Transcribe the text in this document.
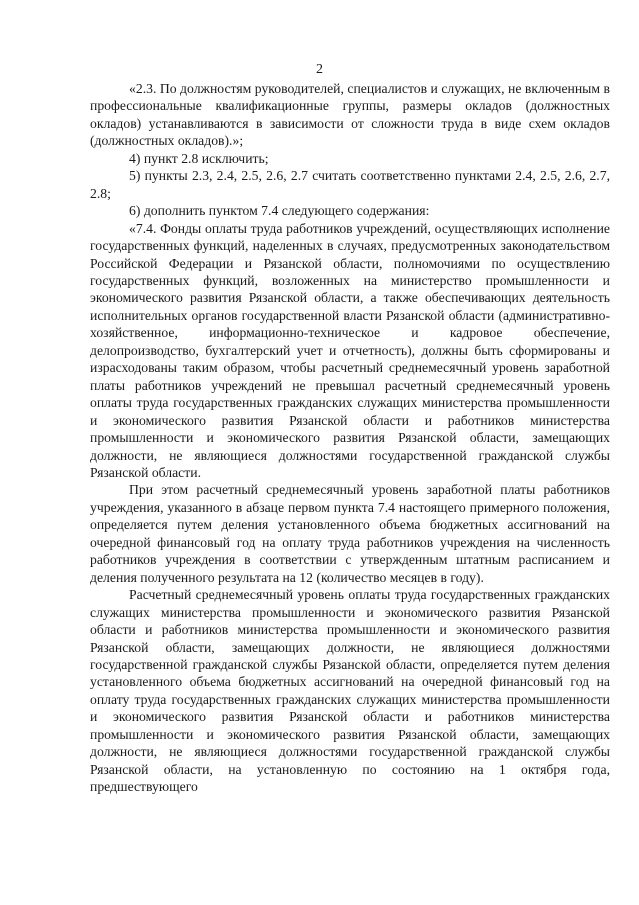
2

«2.3. По должностям руководителей, специалистов и служащих, не включенным в профессиональные квалификационные группы, размеры окладов (должностных окладов) устанавливаются в зависимости от сложности труда в виде схем окладов (должностных окладов).»;

4) пункт 2.8 исключить;

5) пункты 2.3, 2.4, 2.5, 2.6, 2.7 считать соответственно пунктами 2.4, 2.5, 2.6, 2.7, 2.8;

6) дополнить пунктом 7.4 следующего содержания:

«7.4. Фонды оплаты труда работников учреждений, осуществляющих исполнение государственных функций, наделенных в случаях, предусмотренных законодательством Российской Федерации и Рязанской области, полномочиями по осуществлению государственных функций, возложенных на министерство промышленности и экономического развития Рязанской области, а также обеспечивающих деятельность исполнительных органов государственной власти Рязанской области (административно-хозяйственное, информационно-техническое и кадровое обеспечение, делопроизводство, бухгалтерский учет и отчетность), должны быть сформированы и израсходованы таким образом, чтобы расчетный среднемесячный уровень заработной платы работников учреждений не превышал расчетный среднемесячный уровень оплаты труда государственных гражданских служащих министерства промышленности и экономического развития Рязанской области и работников министерства промышленности и экономического развития Рязанской области, замещающих должности, не являющиеся должностями государственной гражданской службы Рязанской области.

При этом расчетный среднемесячный уровень заработной платы работников учреждения, указанного в абзаце первом пункта 7.4 настоящего примерного положения, определяется путем деления установленного объема бюджетных ассигнований на очередной финансовый год на оплату труда работников учреждения на численность работников учреждения в соответствии с утвержденным штатным расписанием и деления полученного результата на 12 (количество месяцев в году).

Расчетный среднемесячный уровень оплаты труда государственных гражданских служащих министерства промышленности и экономического развития Рязанской области и работников министерства промышленности и экономического развития Рязанской области, замещающих должности, не являющиеся должностями государственной гражданской службы Рязанской области, определяется путем деления установленного объема бюджетных ассигнований на очередной финансовый год на оплату труда государственных гражданских служащих министерства промышленности и экономического развития Рязанской области и работников министерства промышленности и экономического развития Рязанской области, замещающих должности, не являющиеся должностями государственной гражданской службы Рязанской области, на установленную по состоянию на 1 октября года, предшествующего
